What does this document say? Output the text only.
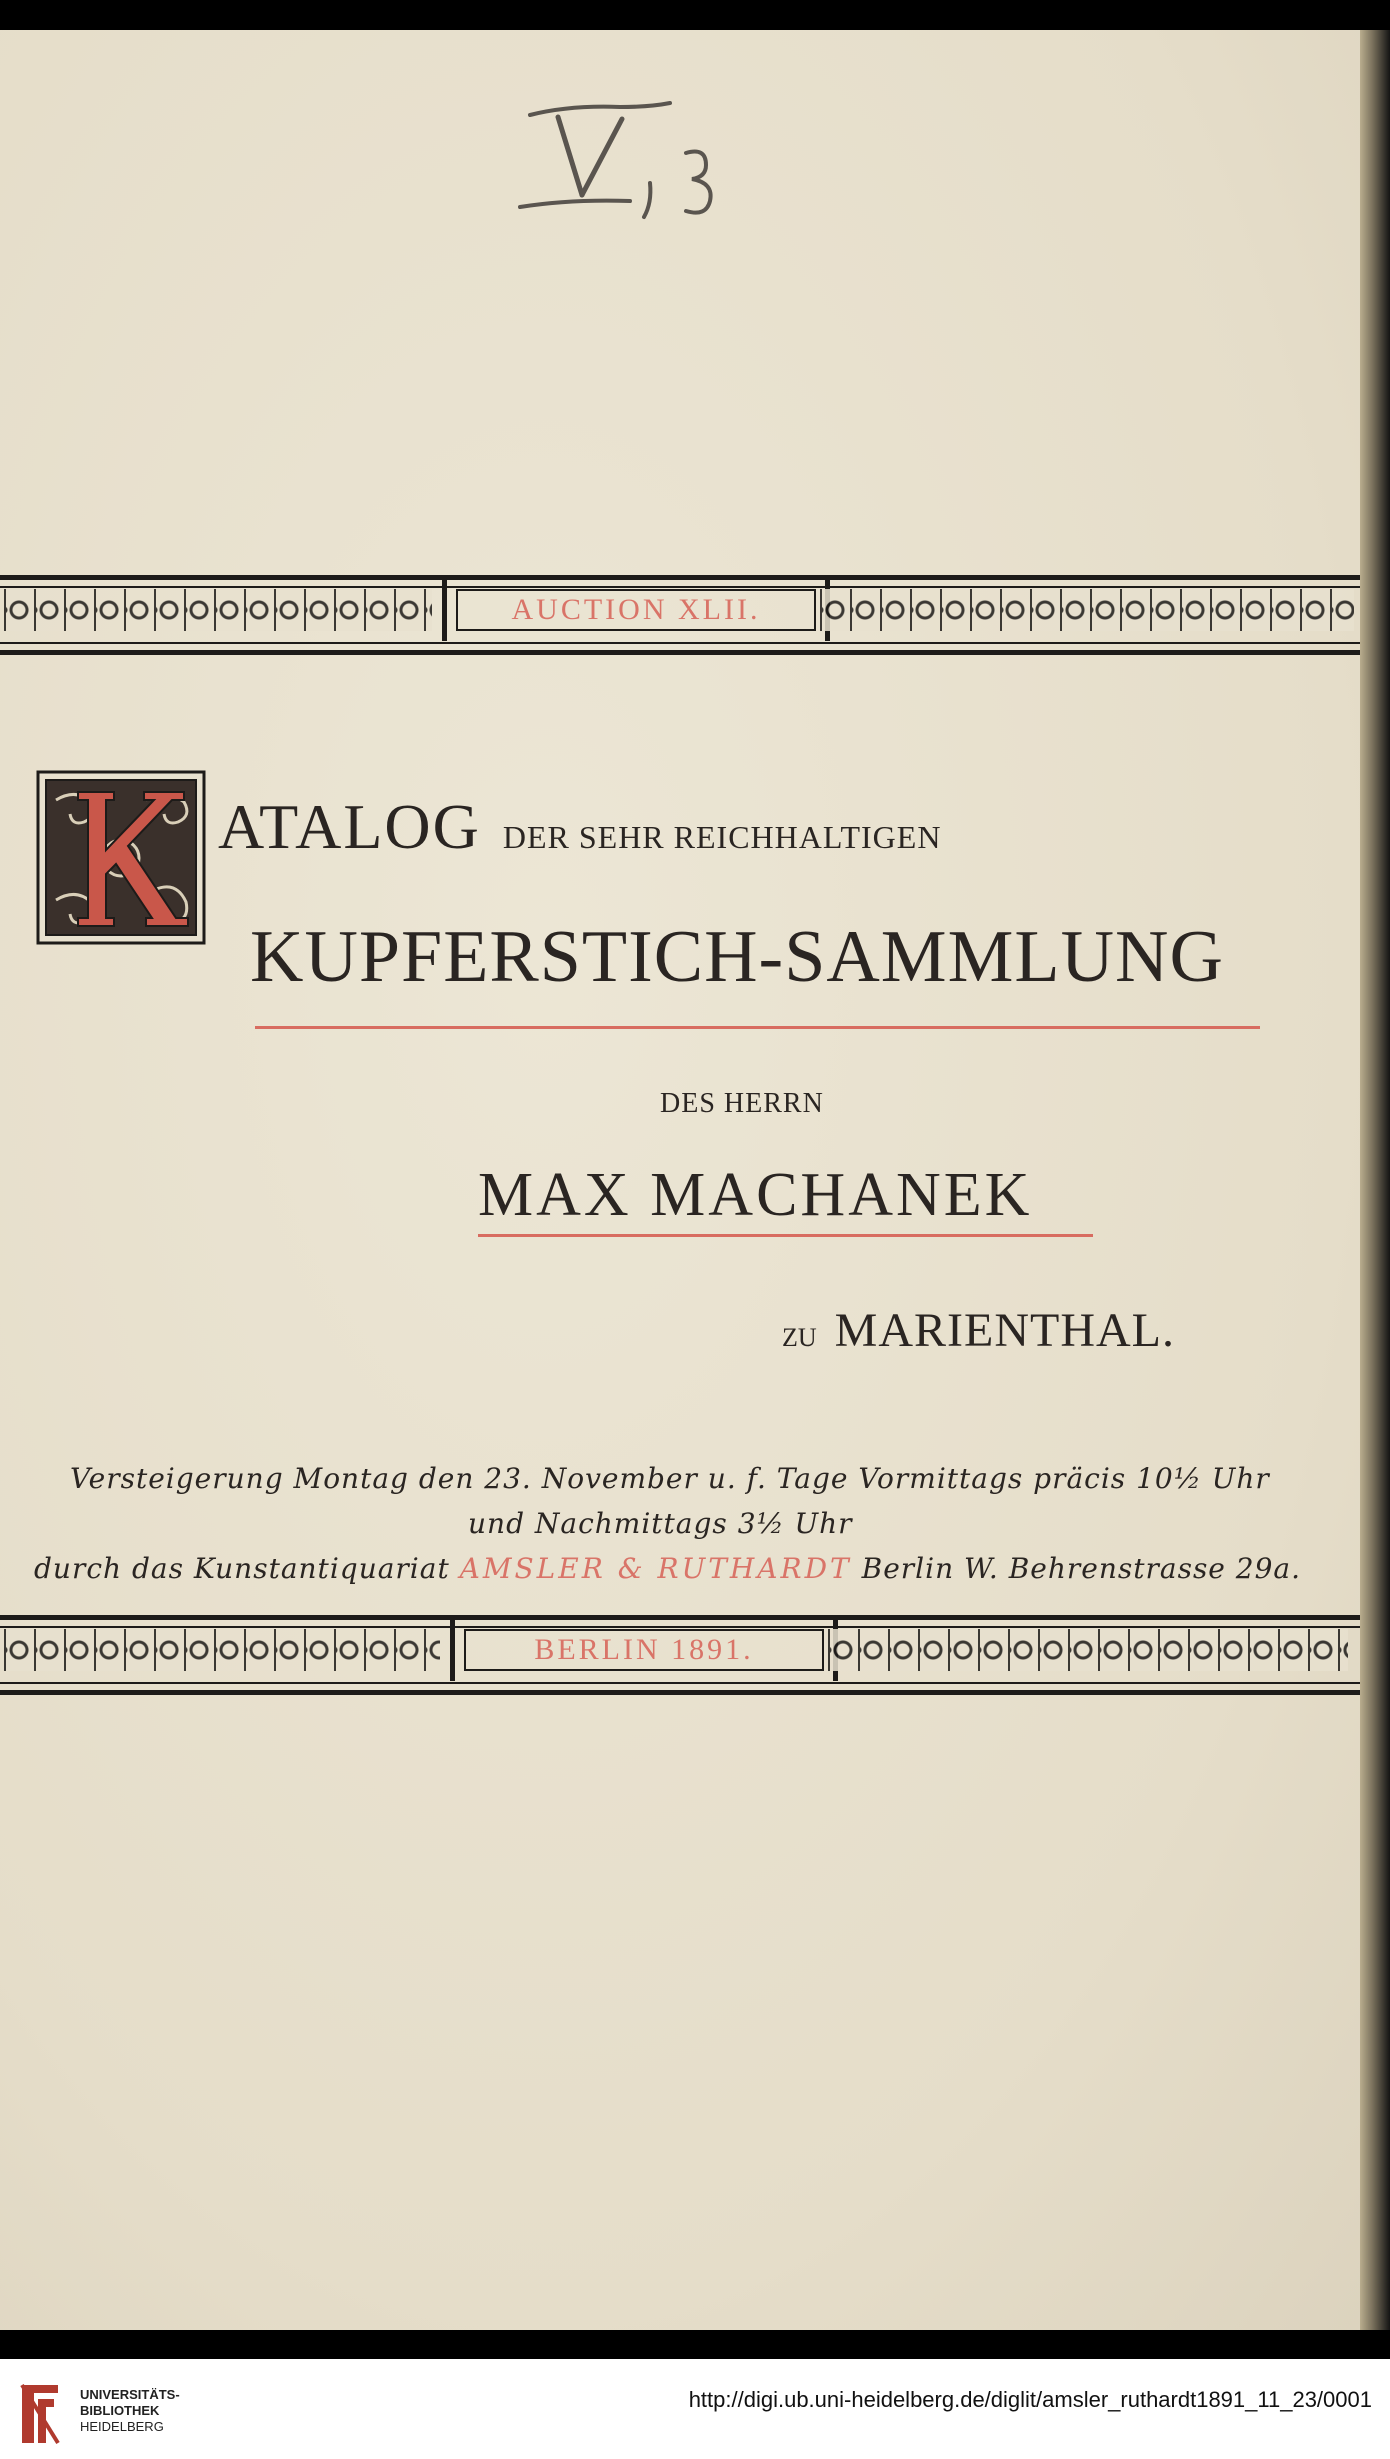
AUCTION XLII.
ATALOG DER SEHR REICHHALTIGEN
KUPFERSTICH-SAMMLUNG
DES HERRN
MAX MACHANEK
ZU MARIENTHAL.
Versteigerung Montag den 23. November u. f. Tage Vormittags präcis 10½ Uhr
und Nachmittags 3½ Uhr
durch das Kunstantiquariat AMSLER & RUTHARDT Berlin W. Behrenstrasse 29a.
BERLIN 1891.
UNIVERSITÄTS-
BIBLIOTHEK
HEIDELBERG
http://digi.ub.uni-heidelberg.de/diglit/amsler_ruthardt1891_11_23/0001
